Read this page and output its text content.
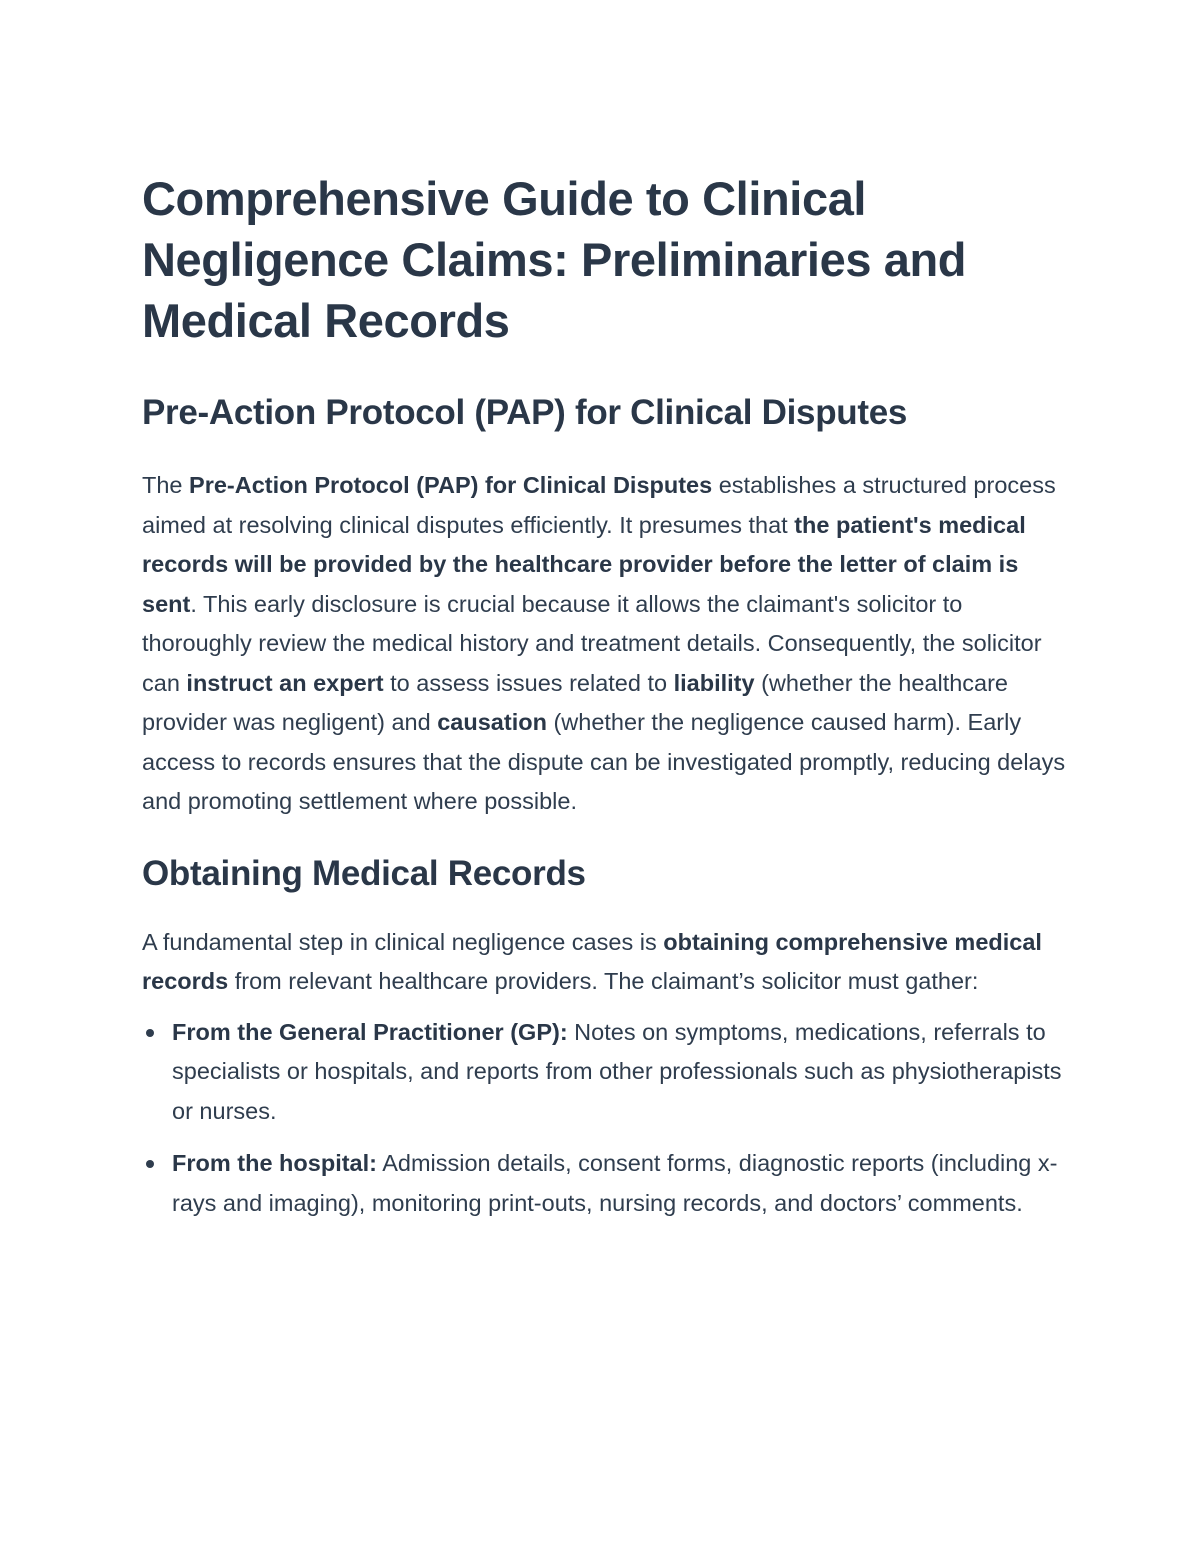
Comprehensive Guide to Clinical Negligence Claims: Preliminaries and Medical Records
Pre-Action Protocol (PAP) for Clinical Disputes

The Pre-Action Protocol (PAP) for Clinical Disputes establishes a structured process aimed at resolving clinical disputes efficiently. It presumes that the patient's medical records will be provided by the healthcare provider before the letter of claim is sent. This early disclosure is crucial because it allows the claimant's solicitor to thoroughly review the medical history and treatment details. Consequently, the solicitor can instruct an expert to assess issues related to liability (whether the healthcare provider was negligent) and causation (whether the negligence caused harm). Early access to records ensures that the dispute can be investigated promptly, reducing delays and promoting settlement where possible.

Obtaining Medical Records

A fundamental step in clinical negligence cases is obtaining comprehensive medical records from relevant healthcare providers. The claimant’s solicitor must gather:

From the General Practitioner (GP): Notes on symptoms, medications, referrals to specialists or hospitals, and reports from other professionals such as physiotherapists or nurses.
From the hospital: Admission details, consent forms, diagnostic reports (including x-rays and imaging), monitoring print-outs, nursing records, and doctors’ comments.
